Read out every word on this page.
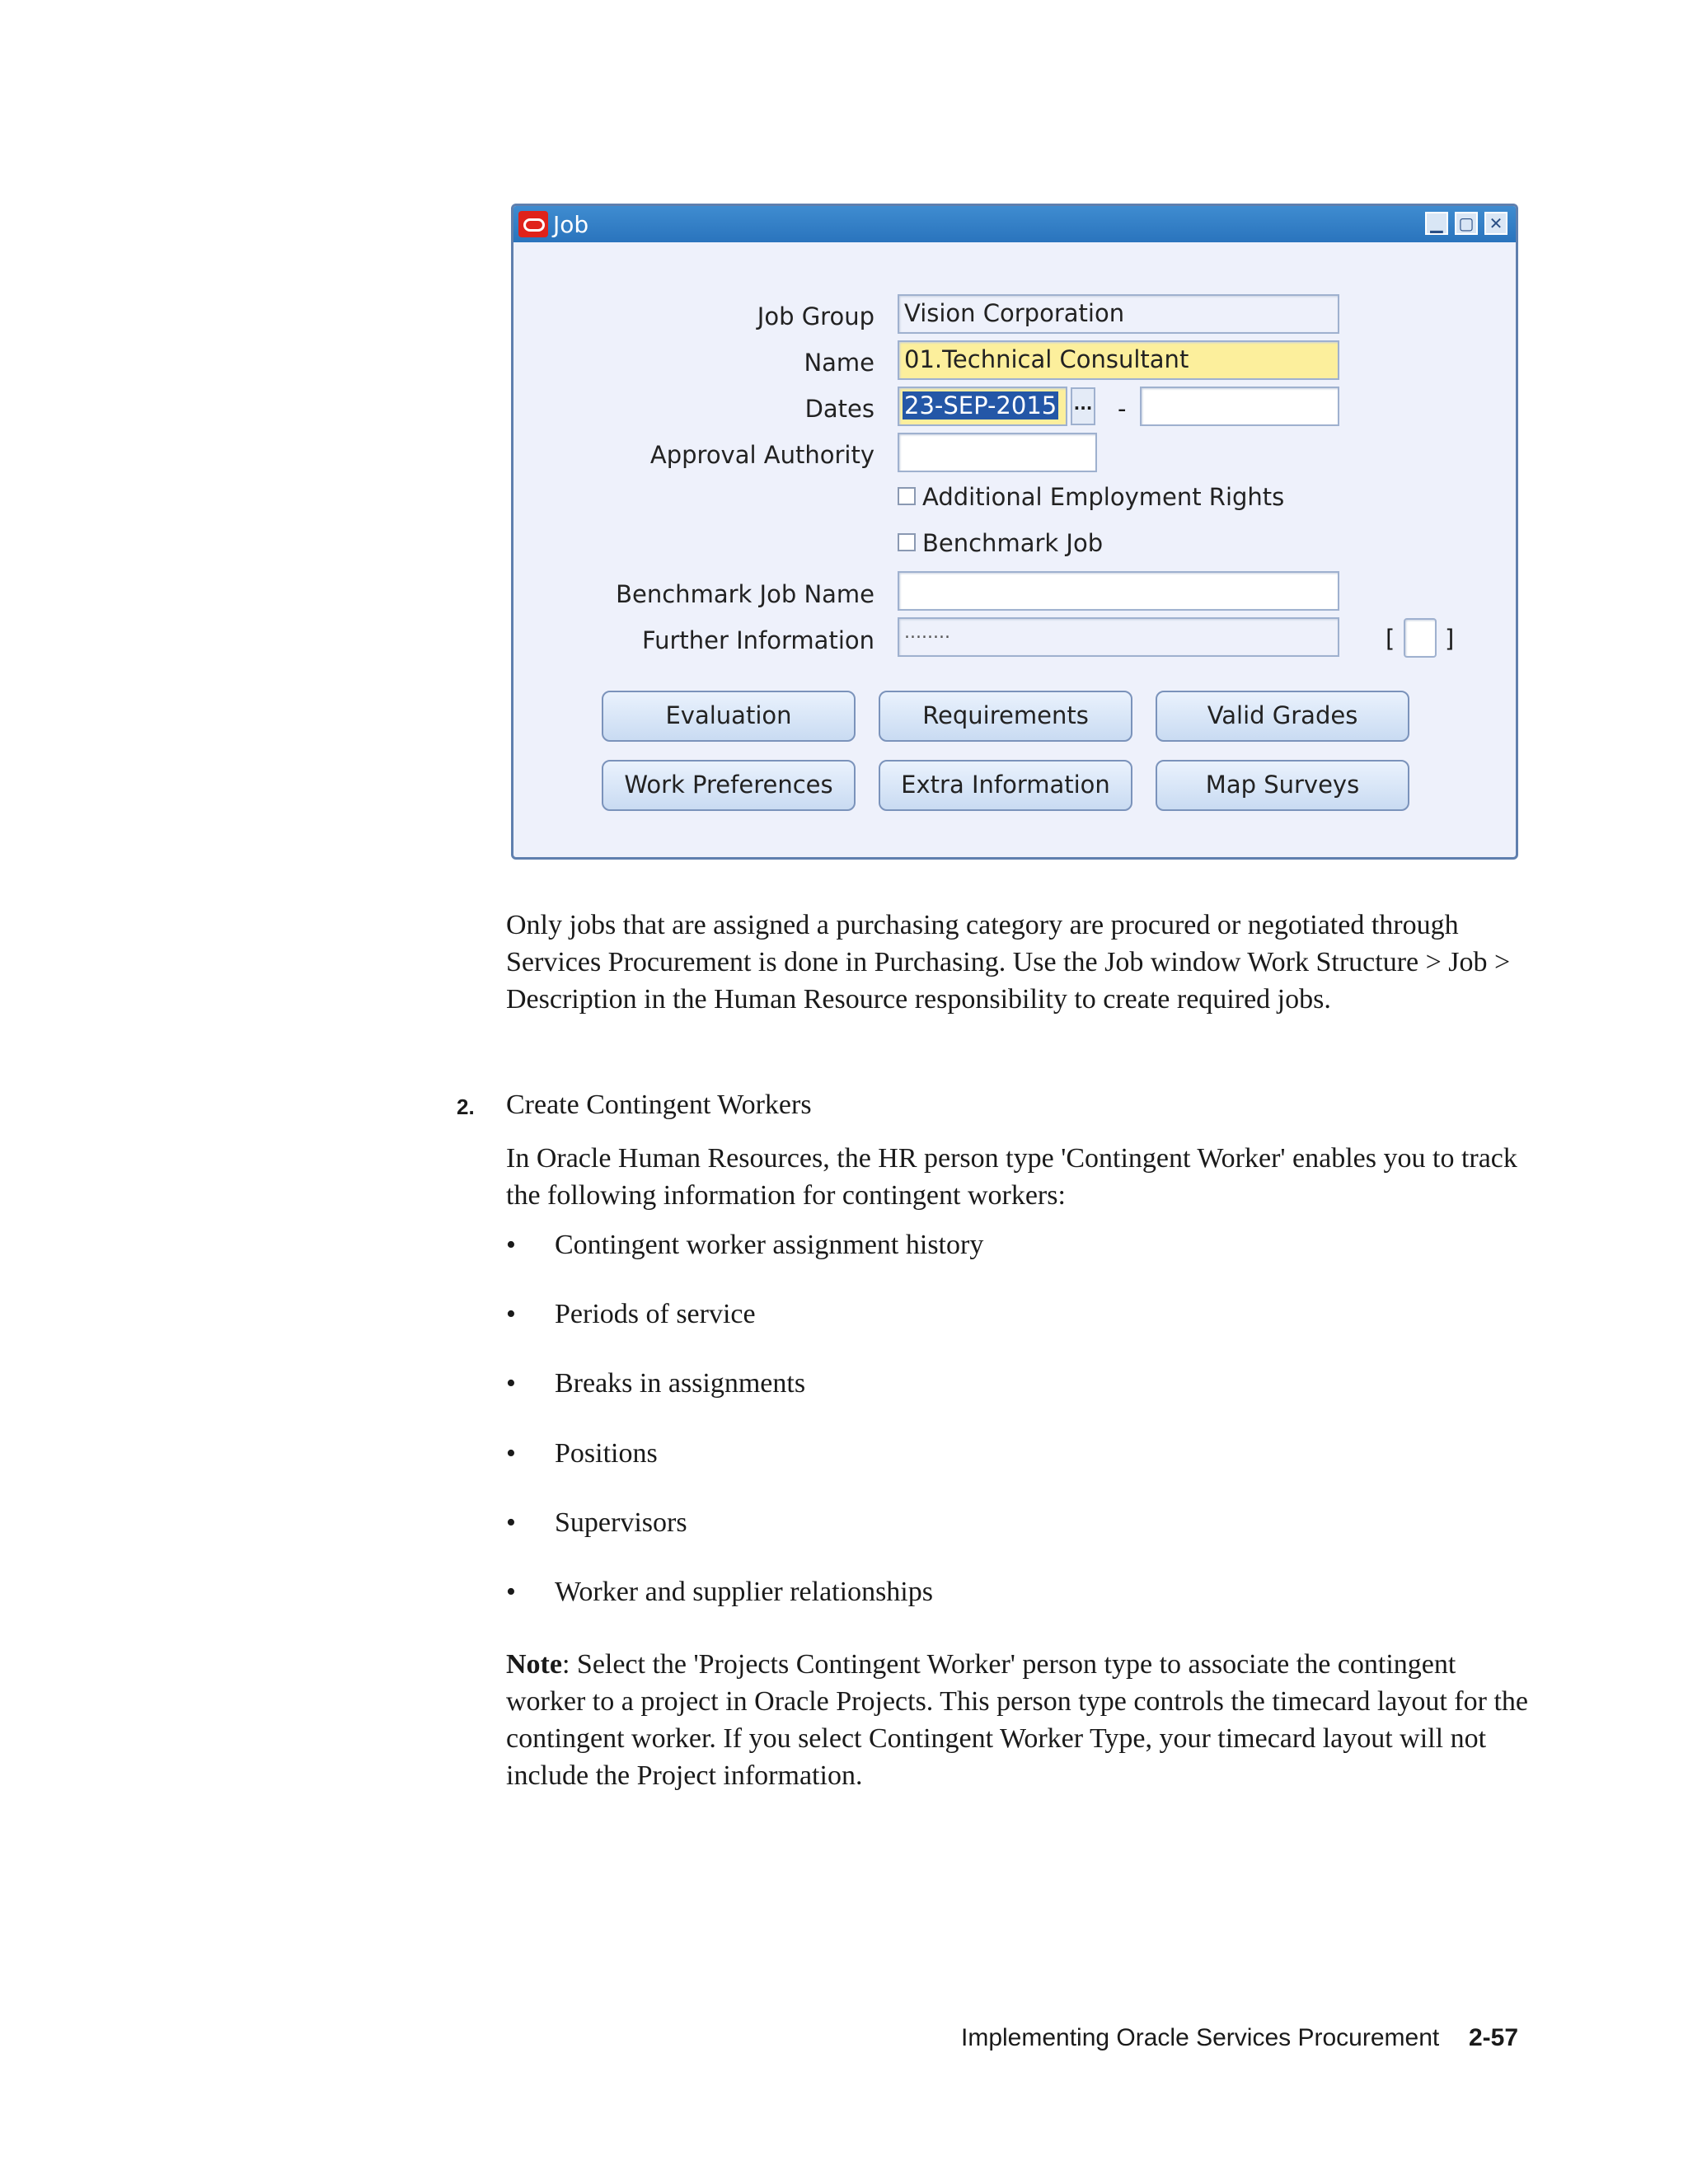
Job	▁ ▢ ✕
Job Group Vision Corporation
Name 01.Technical Consultant
Dates 23-SEP-2015	... -
Approval Authority
Additional Employment Rights
Benchmark Job
Benchmark Job Name
Further Information	........	[ ]
Evaluation	Requirements	Valid Grades
Work Preferences	Extra Information	Map Surveys
Only jobs that are assigned a purchasing category are procured or negotiated through Services Procurement is done in Purchasing. Use the Job window Work Structure > Job > Description in the Human Resource responsibility to create required jobs.
2. Create Contingent Workers
In Oracle Human Resources, the HR person type 'Contingent Worker' enables you to track the following information for contingent workers:
• Contingent worker assignment history
• Periods of service
• Breaks in assignments
• Positions
• Supervisors
• Worker and supplier relationships
Note: Select the 'Projects Contingent Worker' person type to associate the contingent worker to a project in Oracle Projects. This person type controls the timecard layout for the contingent worker. If you select Contingent Worker Type, your timecard layout will not include the Project information.
Implementing Oracle Services Procurement 2-57
